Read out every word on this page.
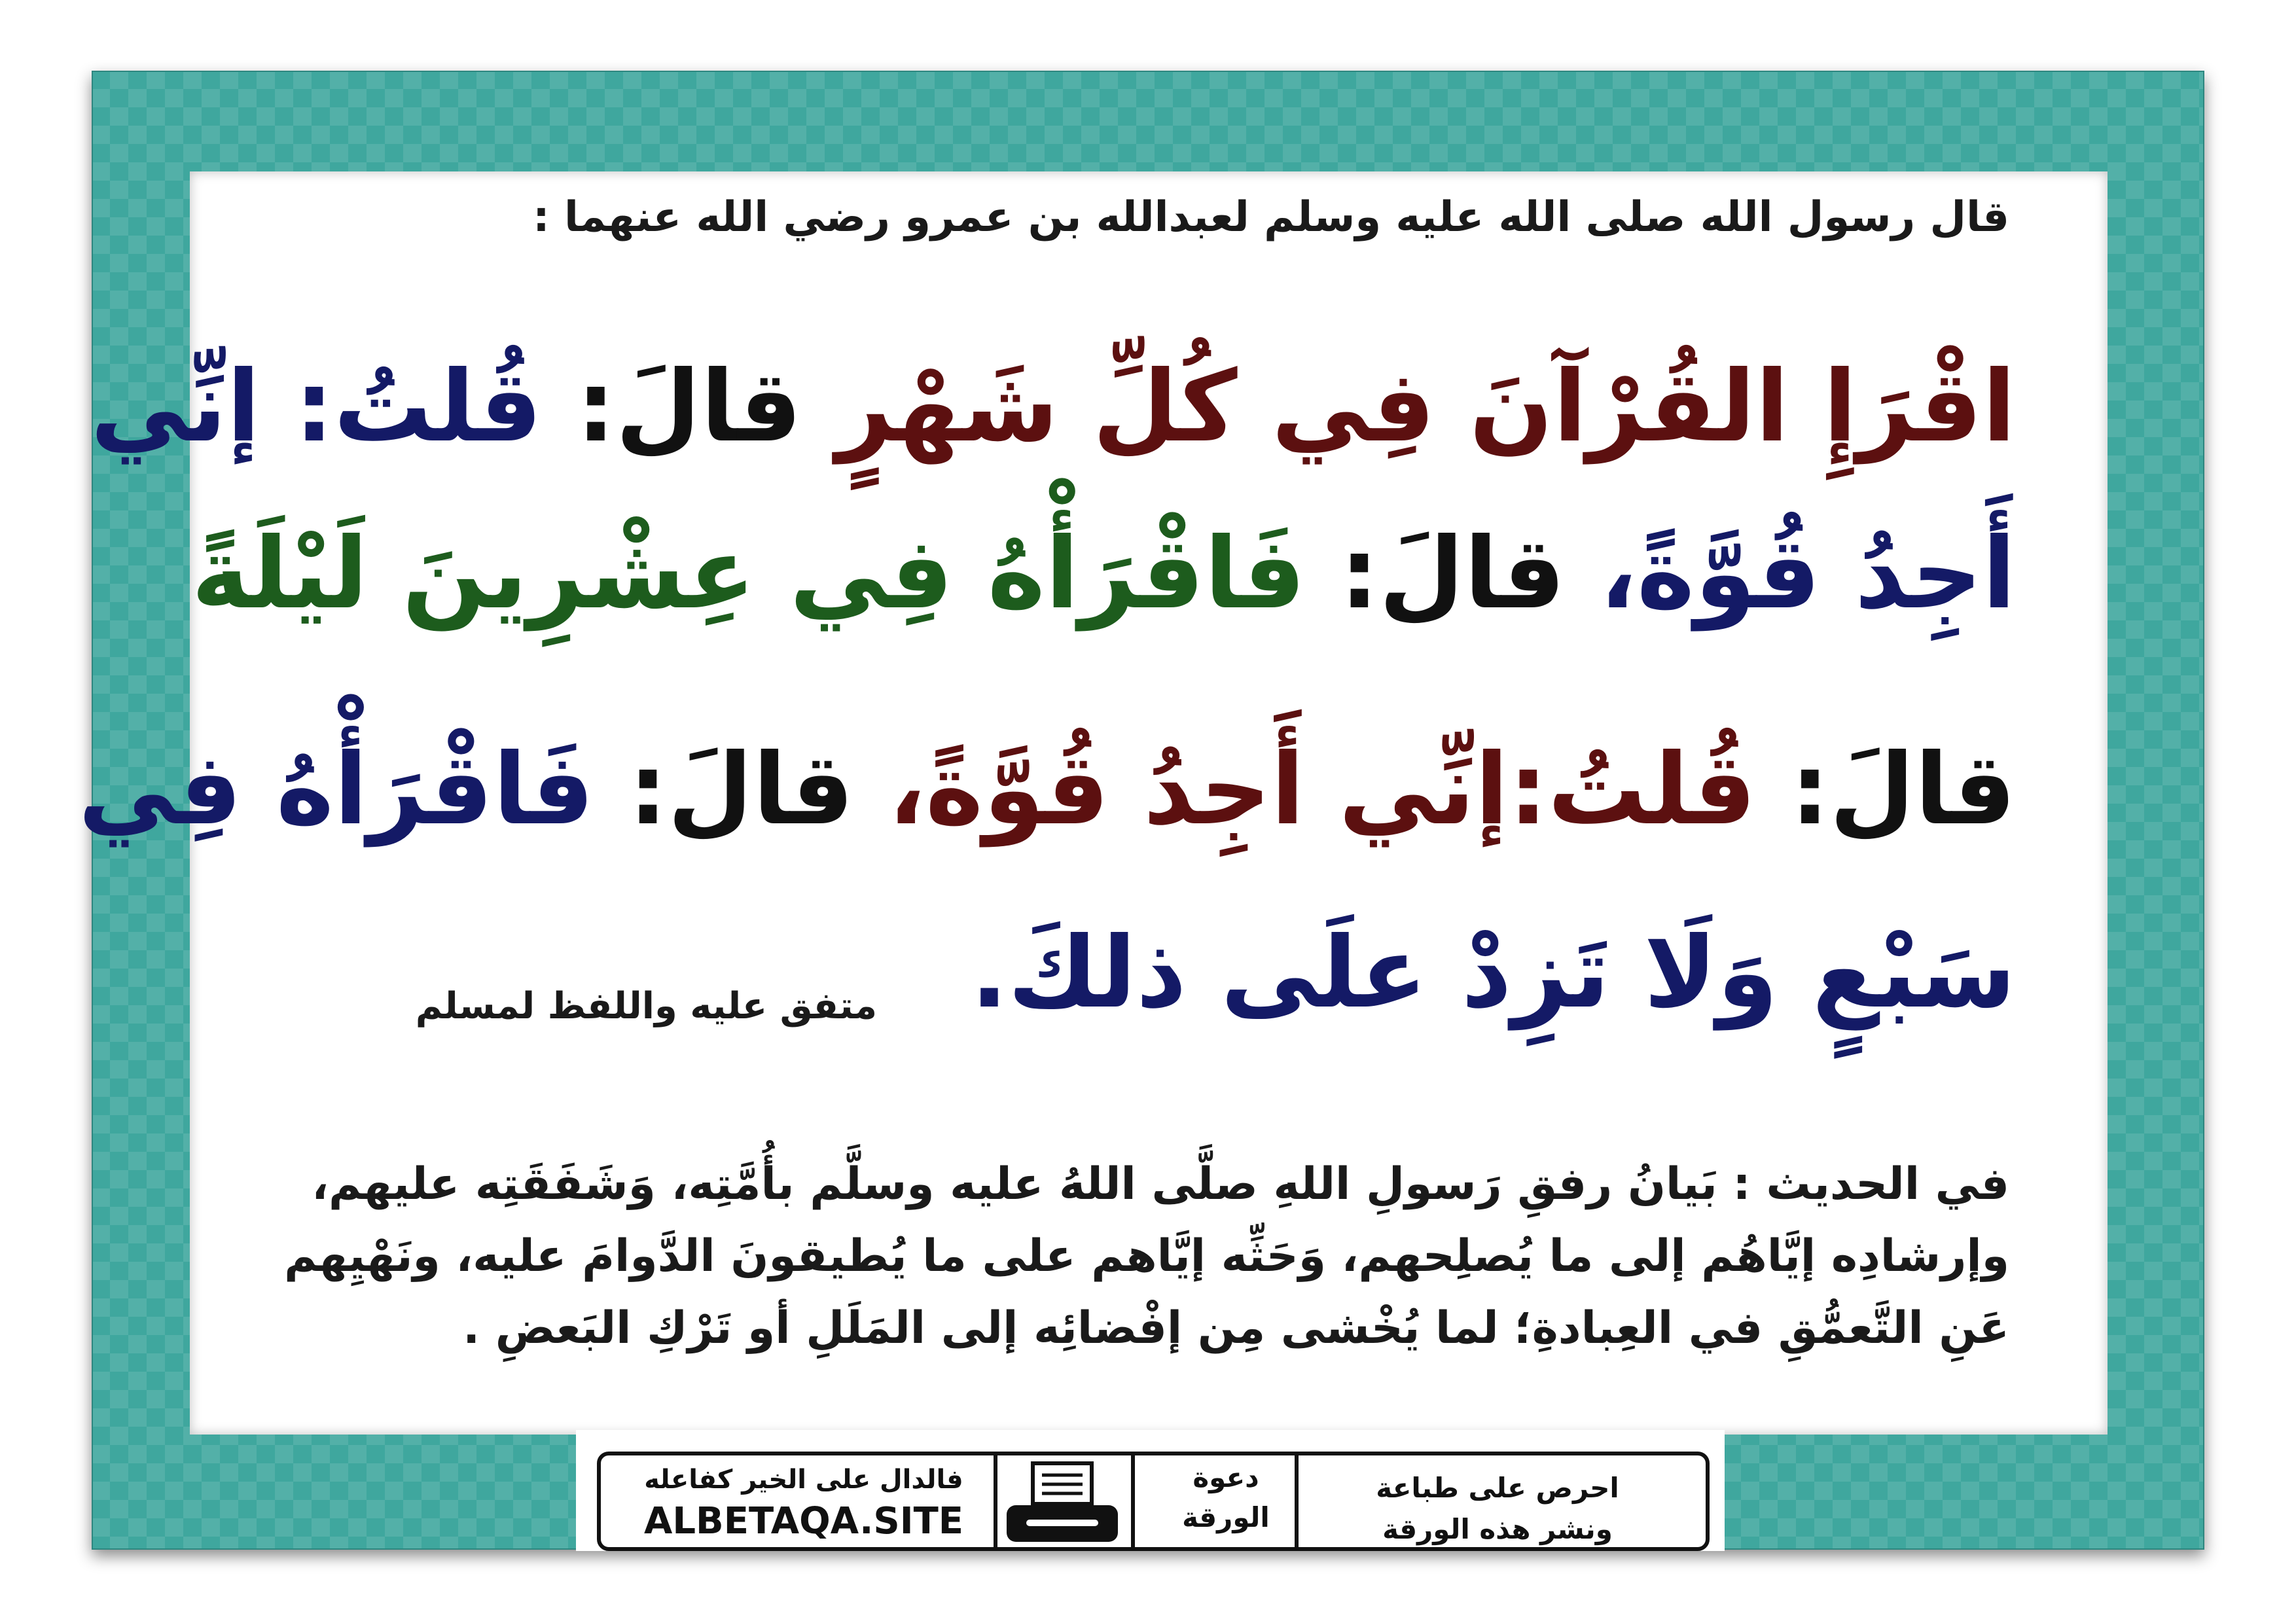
قال رسول الله صلى الله عليه وسلم لعبدالله بن عمرو رضي الله عنهما :
اقْرَإِ القُرْآنَ فِي كُلِّ شَهْرٍ قالَ: قُلتُ: إنِّي
أَجِدُ قُوَّةً، قالَ: فَاقْرَأْهُ فِي عِشْرِينَ لَيْلَةً
قالَ: قُلتُ:إنِّي أَجِدُ قُوَّةً، قالَ: فَاقْرَأْهُ فِي
سَبْعٍ وَلَا تَزِدْ علَى ذلكَ.
متفق عليه واللفظ لمسلم
في الحديث : بَيانُ رفقِ رَسولِ اللهِ صلَّى اللهُ عليه وسلَّم بأُمَّتِه، وَشَفَقَتِه عليهم، وإرشادِه إيَّاهُم إلى ما يُصلِحهم، وَحَثِّه إيَّاهم على ما يُطيقونَ الدَّوامَ عليه، ونَهْيِهم عَنِ التَّعمُّقِ في العِبادةِ؛ لما يُخْشى مِن إفْضائِه إلى المَلَلِ أو تَرْكِ البَعضِ .
فالدال على الخير كفاعله
ALBETAQA.SITE
دعوة
الورقة
احرص على طباعة
ونشر هذه الورقة
